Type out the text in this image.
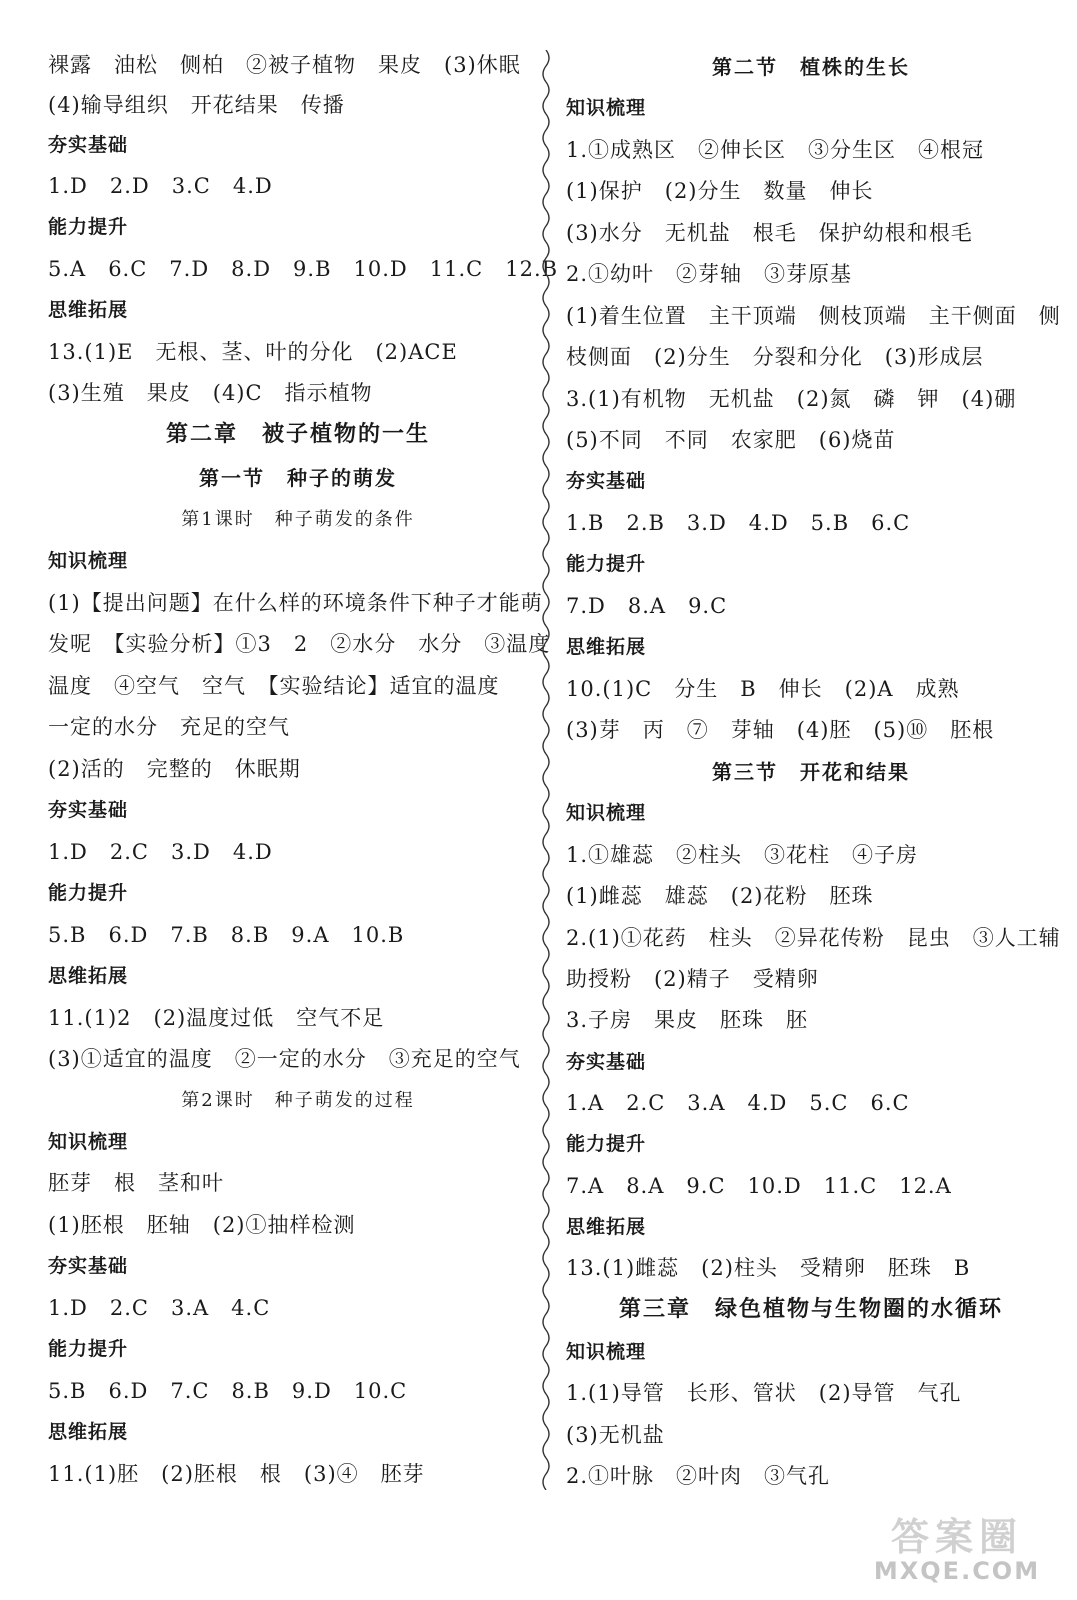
裸露　油松　侧柏　②被子植物　果皮　(3)休眠
(4)输导组织　开花结果　传播
夯实基础
1.D　2.D　3.C　4.D
能力提升
5.A　6.C　7.D　8.D　9.B　10.D　11.C　12.B
思维拓展
13.(1)E　无根、茎、叶的分化　(2)ACE
(3)生殖　果皮　(4)C　指示植物
第二章　被子植物的一生
第一节　种子的萌发
第1课时　种子萌发的条件
知识梳理
(1)【提出问题】在什么样的环境条件下种子才能萌
发呢　【实验分析】①3　2　②水分　水分　③温度
温度　④空气　空气　【实验结论】适宜的温度
一定的水分　充足的空气
(2)活的　完整的　休眠期
夯实基础
1.D　2.C　3.D　4.D
能力提升
5.B　6.D　7.B　8.B　9.A　10.B
思维拓展
11.(1)2　(2)温度过低　空气不足
(3)①适宜的温度　②一定的水分　③充足的空气
第2课时　种子萌发的过程
知识梳理
胚芽　根　茎和叶
(1)胚根　胚轴　(2)①抽样检测
夯实基础
1.D　2.C　3.A　4.C
能力提升
5.B　6.D　7.C　8.B　9.D　10.C
思维拓展
11.(1)胚　(2)胚根　根　(3)④　胚芽
第二节　植株的生长
知识梳理
1.①成熟区　②伸长区　③分生区　④根冠
(1)保护　(2)分生　数量　伸长
(3)水分　无机盐　根毛　保护幼根和根毛
2.①幼叶　②芽轴　③芽原基
(1)着生位置　主干顶端　侧枝顶端　主干侧面　侧
枝侧面　(2)分生　分裂和分化　(3)形成层
3.(1)有机物　无机盐　(2)氮　磷　钾　(4)硼
(5)不同　不同　农家肥　(6)烧苗
夯实基础
1.B　2.B　3.D　4.D　5.B　6.C
能力提升
7.D　8.A　9.C
思维拓展
10.(1)C　分生　B　伸长　(2)A　成熟
(3)芽　丙　⑦　芽轴　(4)胚　(5)⑩　胚根
第三节　开花和结果
知识梳理
1.①雄蕊　②柱头　③花柱　④子房
(1)雌蕊　雄蕊　(2)花粉　胚珠
2.(1)①花药　柱头　②异花传粉　昆虫　③人工辅
助授粉　(2)精子　受精卵
3.子房　果皮　胚珠　胚
夯实基础
1.A　2.C　3.A　4.D　5.C　6.C
能力提升
7.A　8.A　9.C　10.D　11.C　12.A
思维拓展
13.(1)雌蕊　(2)柱头　受精卵　胚珠　B
第三章　绿色植物与生物圈的水循环
知识梳理
1.(1)导管　长形、管状　(2)导管　气孔
(3)无机盐
2.①叶脉　②叶肉　③气孔
答案圈
MXQE.COM
